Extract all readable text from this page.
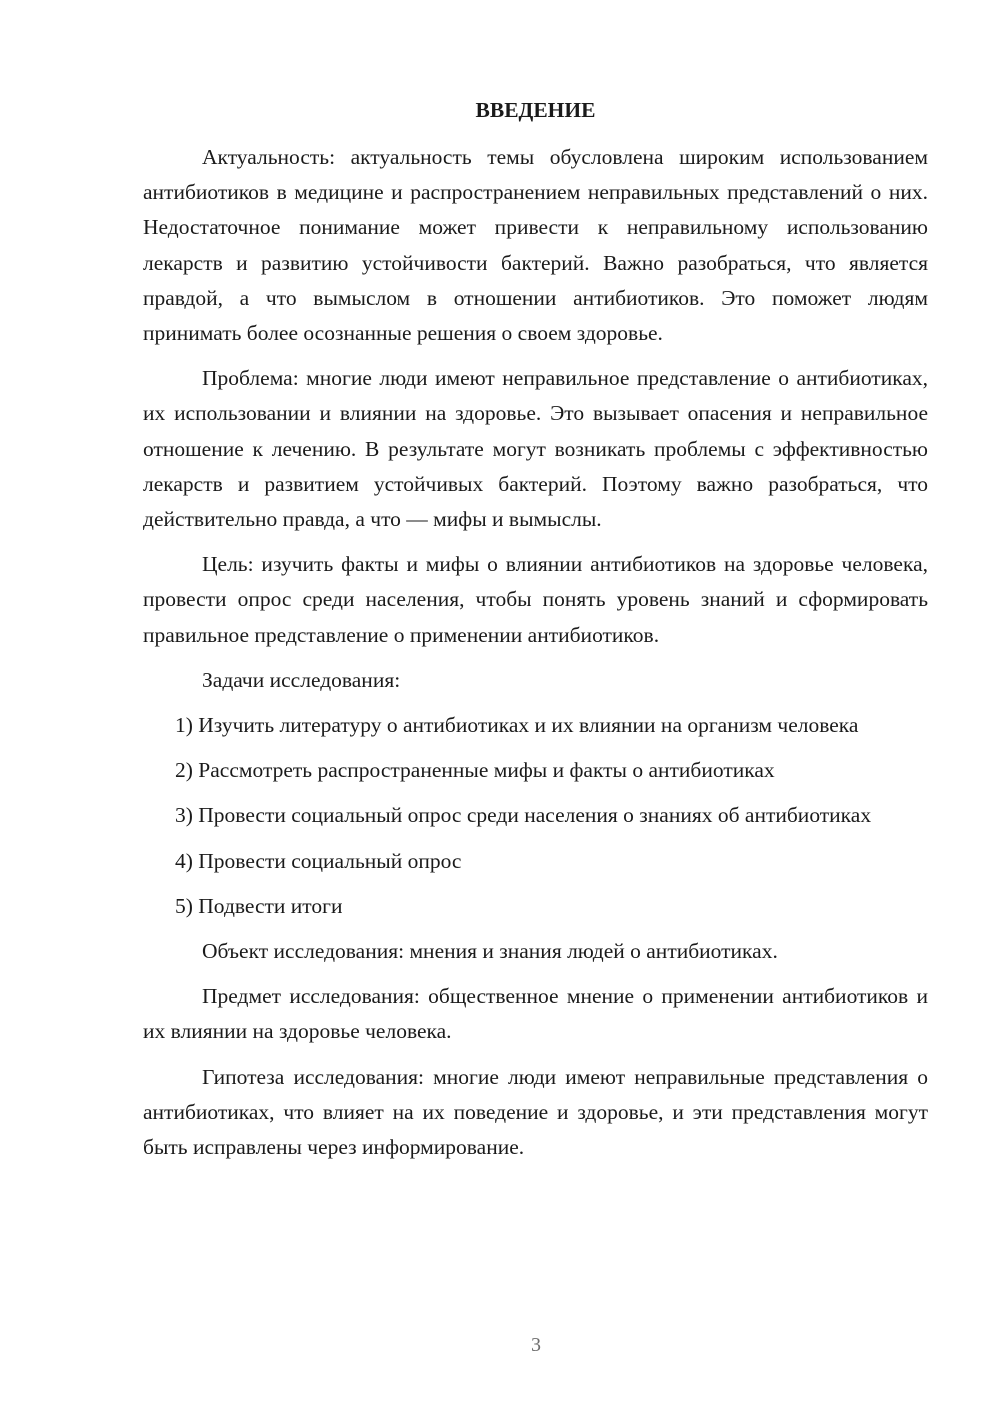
ВВЕДЕНИЕ

Актуальность: актуальность темы обусловлена широким использованием антибиотиков в медицине и распространением неправильных представлений о них. Недостаточное понимание может привести к неправильному использованию лекарств и развитию устойчивости бактерий. Важно разобраться, что является правдой, а что вымыслом в отношении антибиотиков. Это поможет людям принимать более осознанные решения о своем здоровье.

Проблема: многие люди имеют неправильное представление о антибиотиках, их использовании и влиянии на здоровье. Это вызывает опасения и неправильное отношение к лечению. В результате могут возникать проблемы с эффективностью лекарств и развитием устойчивых бактерий. Поэтому важно разобраться, что действительно правда, а что — мифы и вымыслы.

Цель: изучить факты и мифы о влиянии антибиотиков на здоровье человека, провести опрос среди населения, чтобы понять уровень знаний и сформировать правильное представление о применении антибиотиков.

Задачи исследования:

1) Изучить литературу о антибиотиках и их влиянии на организм человека

2) Рассмотреть распространенные мифы и факты о антибиотиках

3) Провести социальный опрос среди населения о знаниях об антибиотиках

4) Провести социальный опрос

5) Подвести итоги

Объект исследования: мнения и знания людей о антибиотиках.

Предмет исследования: общественное мнение о применении антибиотиков и их влиянии на здоровье человека.

Гипотеза исследования: многие люди имеют неправильные представления о антибиотиках, что влияет на их поведение и здоровье, и эти представления могут быть исправлены через информирование.

3
